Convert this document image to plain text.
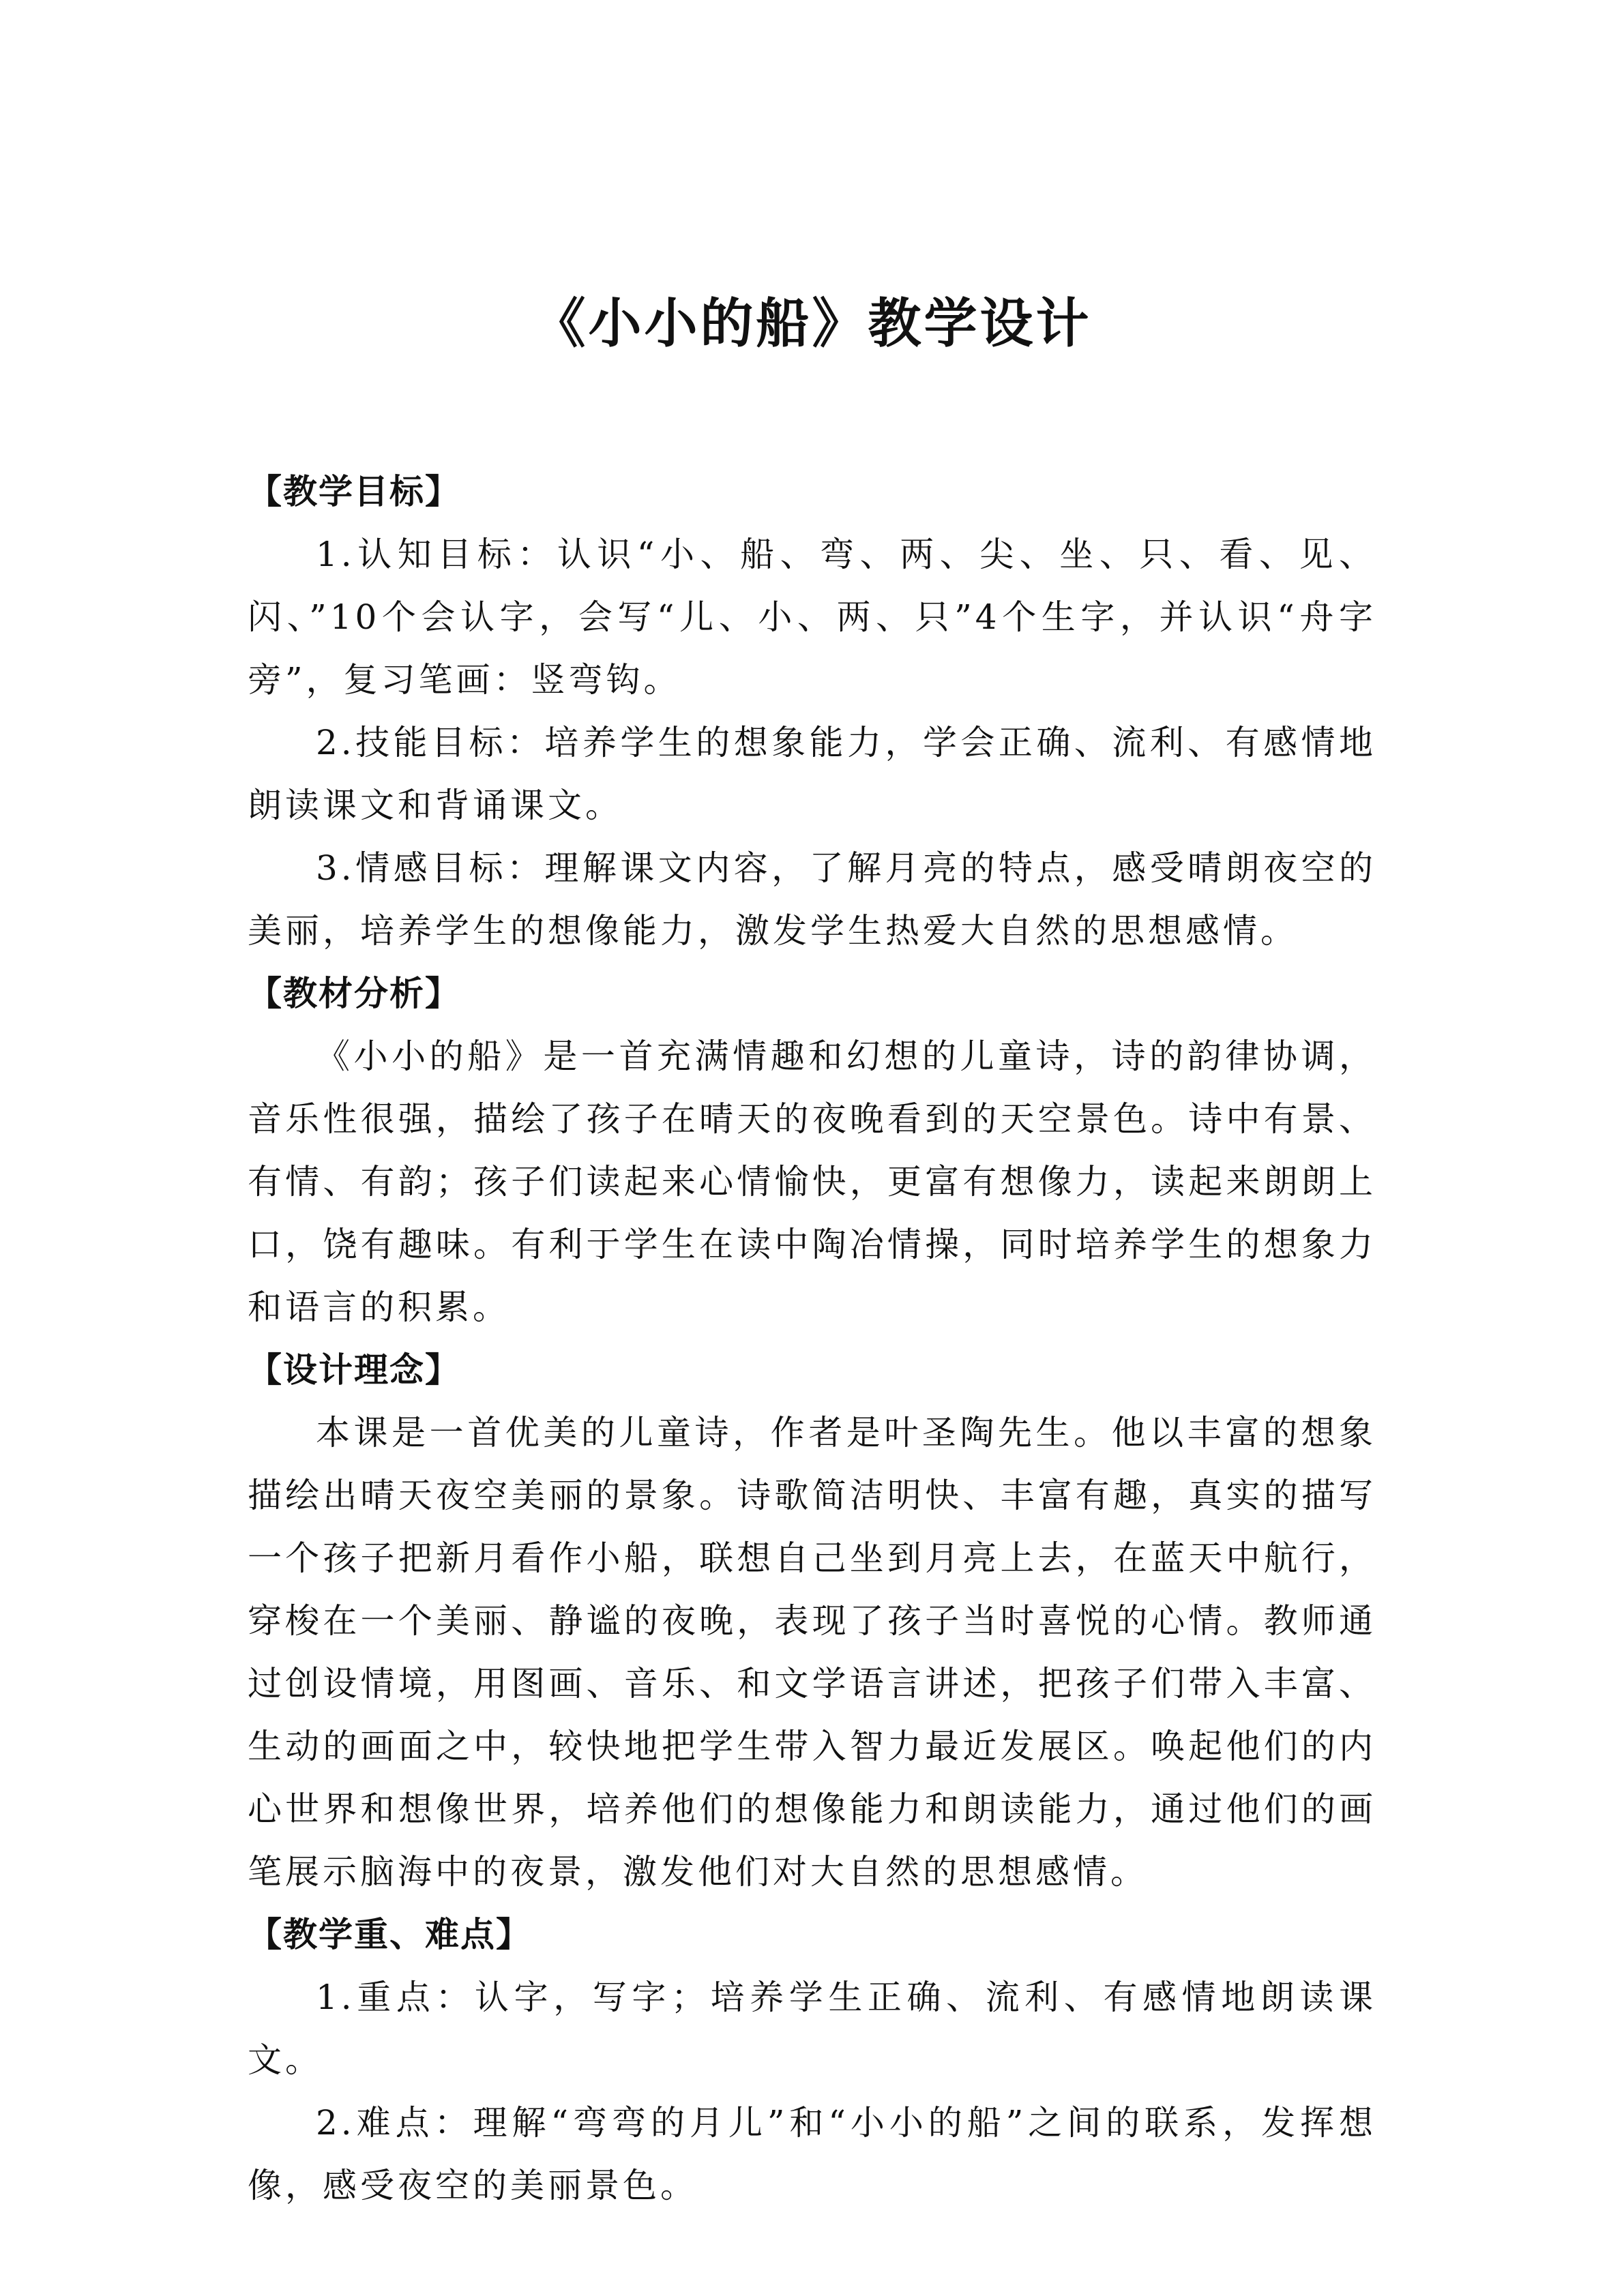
《小小的船》教学设计
【教学目标】

1.认知目标：认识“小、船、弯、两、尖、坐、只、看、见、闪、”10个会认字，会写“儿、小、两、只”4个生字，并认识“舟字旁”，复习笔画：竖弯钩。

2.技能目标：培养学生的想象能力，学会正确、流利、有感情地朗读课文和背诵课文。

3.情感目标：理解课文内容，了解月亮的特点，感受晴朗夜空的美丽，培养学生的想像能力，激发学生热爱大自然的思想感情。

【教材分析】

《小小的船》是一首充满情趣和幻想的儿童诗，诗的韵律协调，音乐性很强，描绘了孩子在晴天的夜晚看到的天空景色。诗中有景、有情、有韵；孩子们读起来心情愉快，更富有想像力，读起来朗朗上口，饶有趣味。有利于学生在读中陶冶情操，同时培养学生的想象力和语言的积累。

【设计理念】

本课是一首优美的儿童诗，作者是叶圣陶先生。他以丰富的想象描绘出晴天夜空美丽的景象。诗歌简洁明快、丰富有趣，真实的描写一个孩子把新月看作小船，联想自己坐到月亮上去，在蓝天中航行，穿梭在一个美丽、静谧的夜晚，表现了孩子当时喜悦的心情。教师通过创设情境，用图画、音乐、和文学语言讲述，把孩子们带入丰富、生动的画面之中，较快地把学生带入智力最近发展区。唤起他们的内心世界和想像世界，培养他们的想像能力和朗读能力，通过他们的画笔展示脑海中的夜景，激发他们对大自然的思想感情。

【教学重、难点】

1.重点：认字，写字；培养学生正确、流利、有感情地朗读课文。

2.难点：理解“弯弯的月儿”和“小小的船”之间的联系，发挥想像，感受夜空的美丽景色。
